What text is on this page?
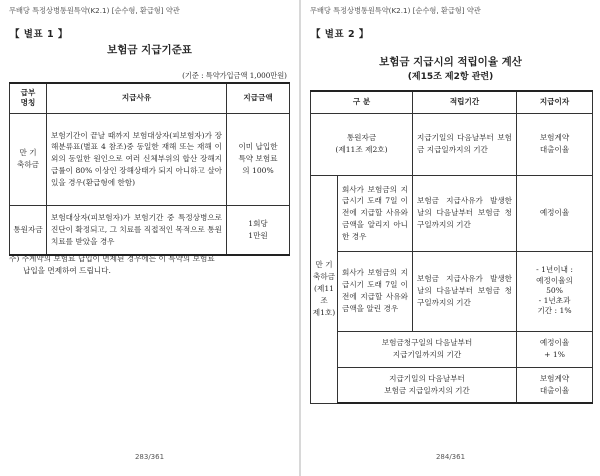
무배당 특정상병통원특약(K2.1) [순수형, 환급형] 약관
【 별표 1 】
보험금 지급기준표
(기준 : 특약가입금액 1,000만원)
급부
명칭	지급사유	지급금액
만 기
축하금	보험기간이 끝날 때까지 보험대상자(피보험자)가 장해분류표(별표 4 참조)중 동일한 재해 또는 재해 이외의 동일한 원인으로 여러 신체부위의 합산 장해지급률이 80% 이상인 장해상태가 되지 아니하고 살아있을 경우(환급형에 한함)	이미 납입한
특약 보험료
의 100%
통원자금	보험대상자(피보험자)가 보험기간 중 특정상병으로 진단이 확정되고, 그 치료를 직접적인 목적으로 통원치료를 받았을 경우	1회당
1만원
주) 주계약의 보험료 납입이 면제된 경우에는 이 특약의 보험료
납입을 면제하여 드립니다.
283/361
무배당 특정상병통원특약(K2.1) [순수형, 환급형] 약관
【 별표 2 】
보험금 지급시의 적립이율 계산
(제15조 제2항 관련)
구 분		적립기간	지급이자
통원자금
(제11조 제2호)		지급기일의 다음날부터 보험금 지급일까지의 기간	보험계약
대출이율
만 기
축하금
(제11조
제1호)	회사가 보험금의 지급시기 도래 7일 이전에 지급할 사유와 금액을 알리지 아니한 경우	보험금 지급사유가 발생한 날의 다음날부터 보험금 청구일까지의 기간	예정이율
	회사가 보험금의 지급시기 도래 7일 이전에 지급할 사유와 금액을 알린 경우	보험금 지급사유가 발생한 날의 다음날부터 보험금 청구일까지의 기간	- 1년이내 :
예정이율의
50%
- 1년초과
기간 : 1%
	보험금청구일의 다음날부터
지급기일까지의 기간		예정이율
+ 1%
	지급기일의 다음날부터
보험금 지급일까지의 기간		보험계약
대출이율
284/361
